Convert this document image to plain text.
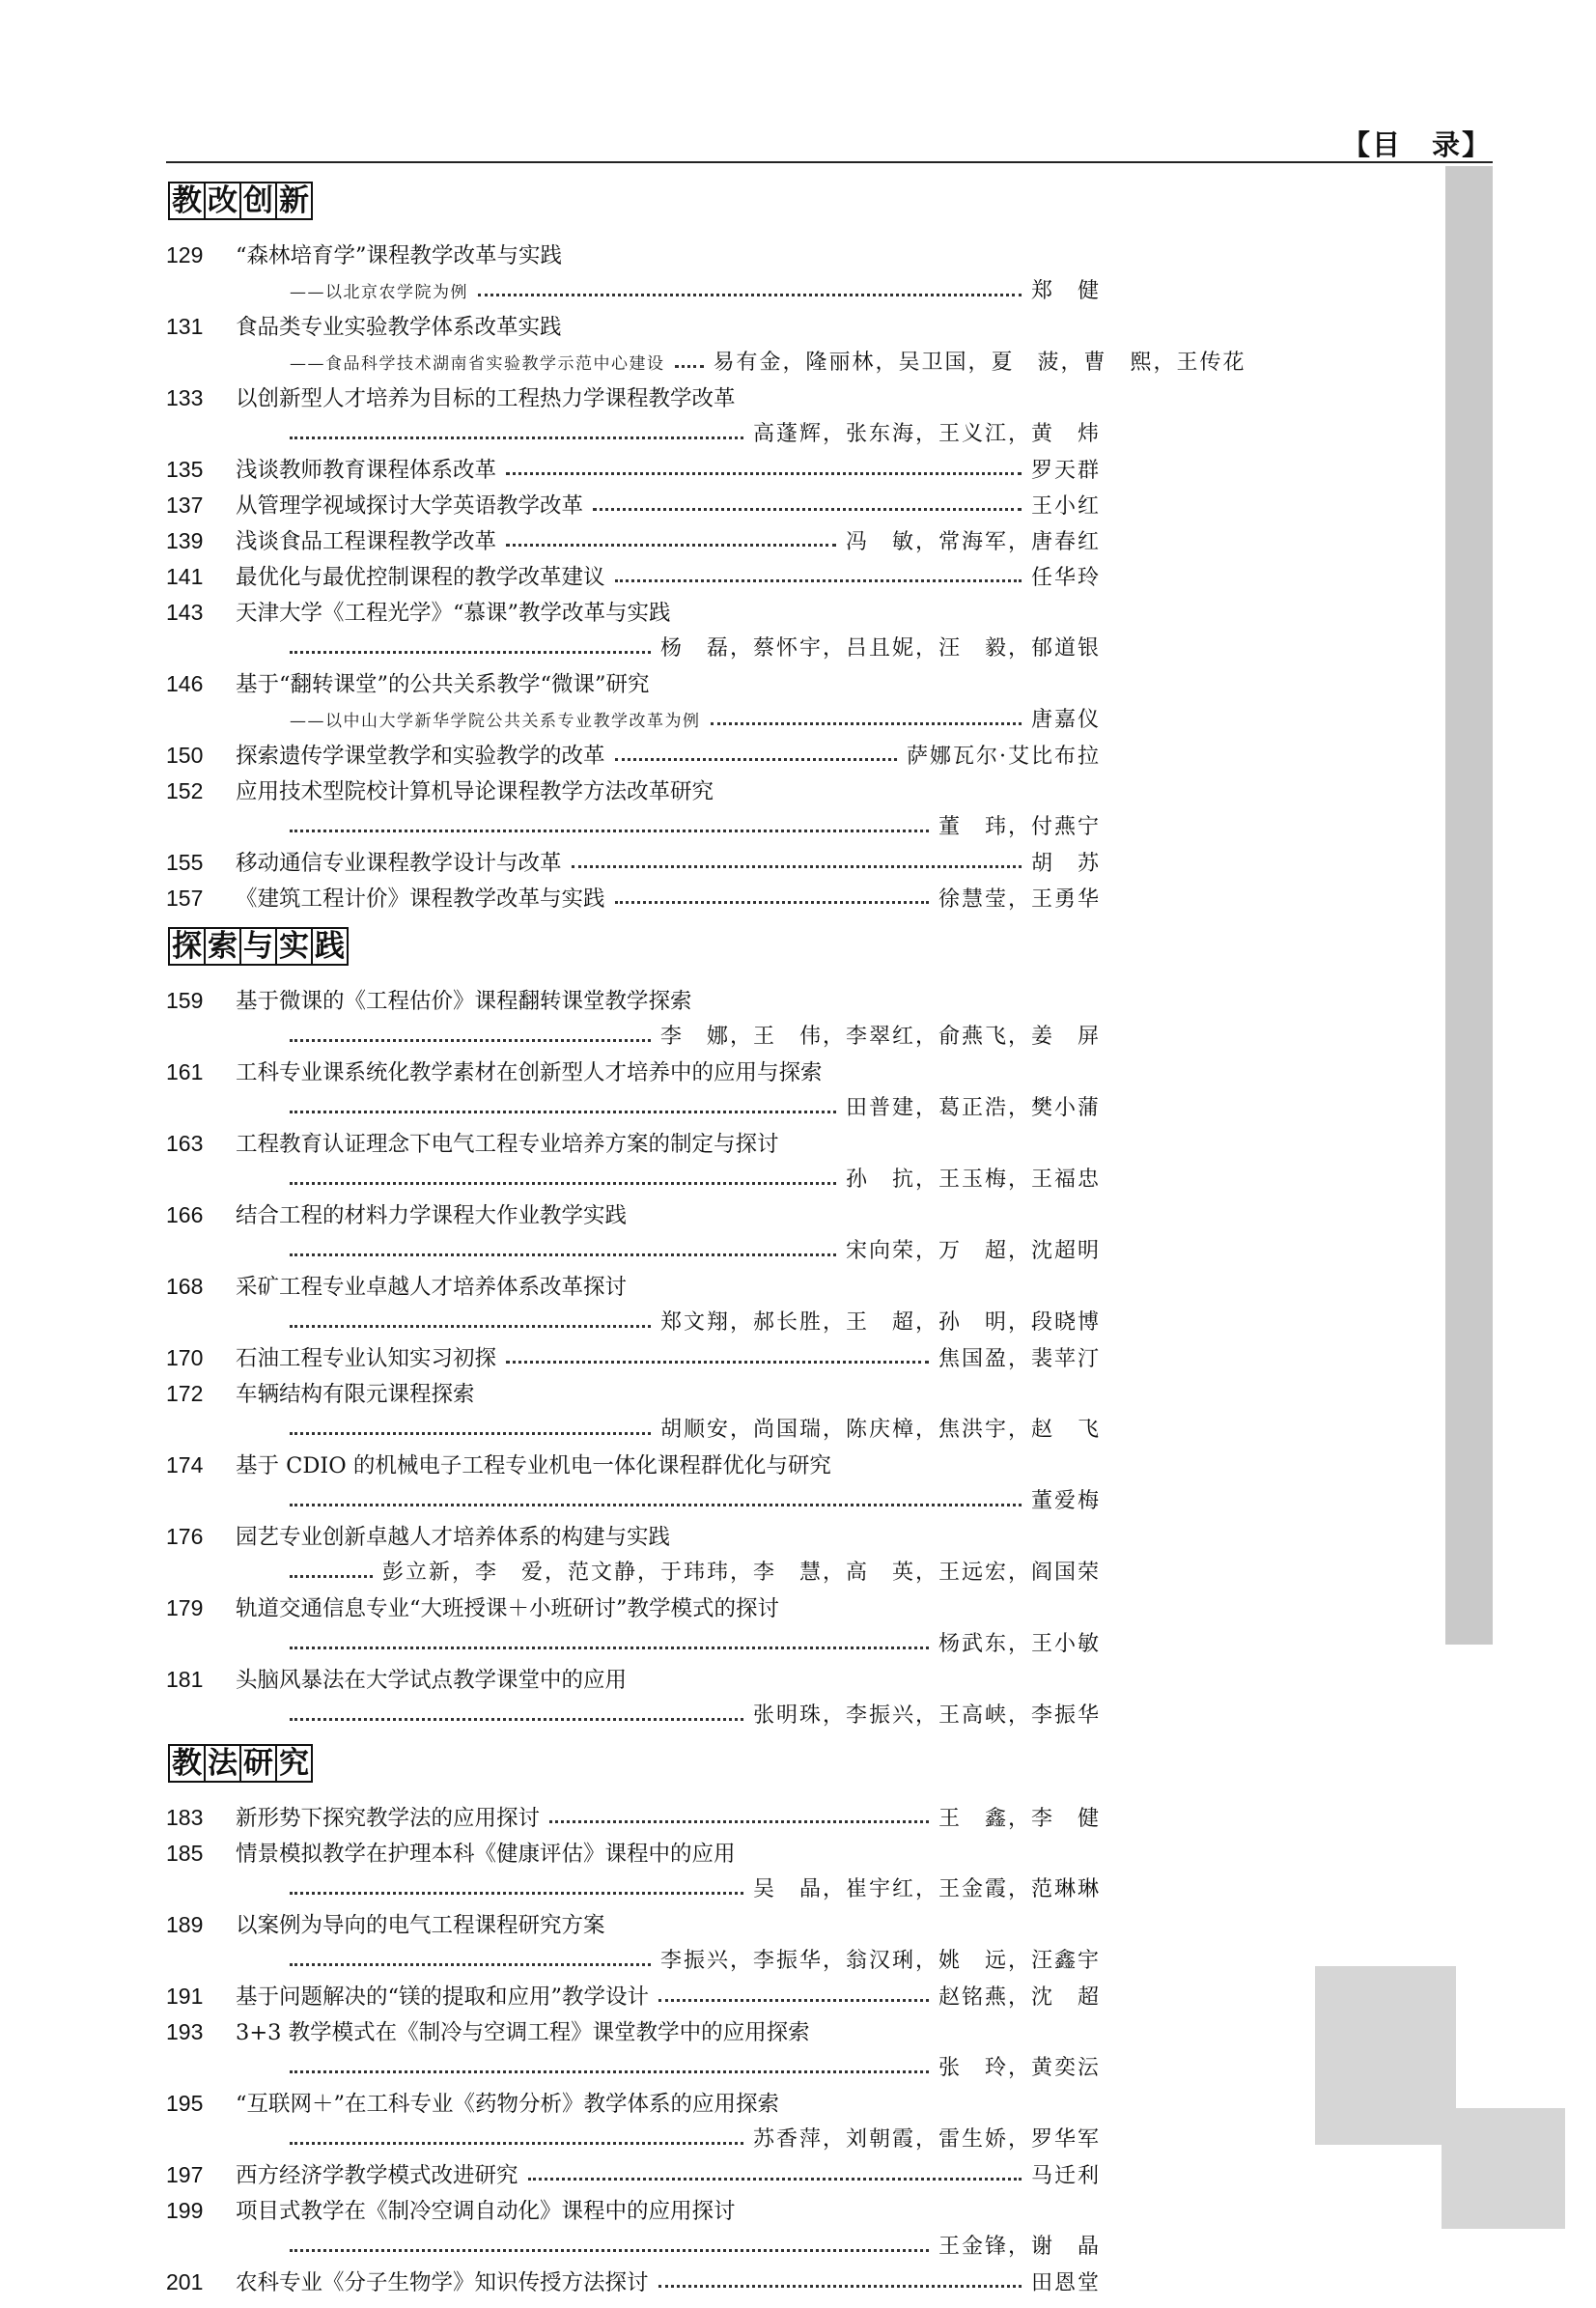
【目　录】
教 改 创 新
129	“森林培育学”课程教学改革与实践
——以北京农学院为例	郑　健
131	食品类专业实验教学体系改革实践
——食品科学技术湖南省实验教学示范中心建设 易有金，隆丽林，吴卫国，夏　菠，曹　熙，王传花
133	以创新型人才培养为目标的工程热力学课程教学改革
高蓬辉，张东海，王义江，黄　炜
135	浅谈教师教育课程体系改革	罗天群
137	从管理学视域探讨大学英语教学改革	王小红
139	浅谈食品工程课程教学改革	冯　敏，常海军，唐春红
141	最优化与最优控制课程的教学改革建议	任华玲
143	天津大学《工程光学》“慕课”教学改革与实践
杨　磊，蔡怀宇，吕且妮，汪　毅，郁道银
146	基于“翻转课堂”的公共关系教学“微课”研究
——以中山大学新华学院公共关系专业教学改革为例	唐嘉仪
150	探索遗传学课堂教学和实验教学的改革	萨娜瓦尔·艾比布拉
152	应用技术型院校计算机导论课程教学方法改革研究
董　玮，付燕宁
155	移动通信专业课程教学设计与改革	胡　苏
157	《建筑工程计价》课程教学改革与实践	徐慧莹，王勇华
探 索 与 实 践
159	基于微课的《工程估价》课程翻转课堂教学探索
李　娜，王　伟，李翠红，俞燕飞，姜　屏
161	工科专业课系统化教学素材在创新型人才培养中的应用与探索
田普建，葛正浩，樊小蒲
163	工程教育认证理念下电气工程专业培养方案的制定与探讨
孙　抗，王玉梅，王福忠
166	结合工程的材料力学课程大作业教学实践
宋向荣，万　超，沈超明
168	采矿工程专业卓越人才培养体系改革探讨
郑文翔，郝长胜，王　超，孙　明，段晓博
170	石油工程专业认知实习初探	焦国盈，裴苹汀
172	车辆结构有限元课程探索
胡顺安，尚国瑞，陈庆樟，焦洪宇，赵　飞
174	基于 CDIO 的机械电子工程专业机电一体化课程群优化与研究
董爱梅
176	园艺专业创新卓越人才培养体系的构建与实践
彭立新，李　爱，范文静，于玮玮，李　慧，高　英，王远宏，阎国荣
179	轨道交通信息专业“大班授课＋小班研讨”教学模式的探讨
杨武东，王小敏
181	头脑风暴法在大学试点教学课堂中的应用
张明珠，李振兴，王高峡，李振华
教 法 研 究
183	新形势下探究教学法的应用探讨	王　鑫，李　健
185	情景模拟教学在护理本科《健康评估》课程中的应用
吴　晶，崔宇红，王金霞，范琳琳
189	以案例为导向的电气工程课程研究方案
李振兴，李振华，翁汉琍，姚　远，汪鑫宇
191	基于问题解决的“镁的提取和应用”教学设计	赵铭燕，沈　超
193	3+3 教学模式在《制冷与空调工程》课堂教学中的应用探索
张　玲，黄奕沄
195	“互联网＋”在工科专业《药物分析》教学体系的应用探索
苏香萍，刘朝霞，雷生娇，罗华军
197	西方经济学教学模式改进研究	马迁利
199	项目式教学在《制冷空调自动化》课程中的应用探讨
王金锋，谢　晶
201	农科专业《分子生物学》知识传授方法探讨	田恩堂
